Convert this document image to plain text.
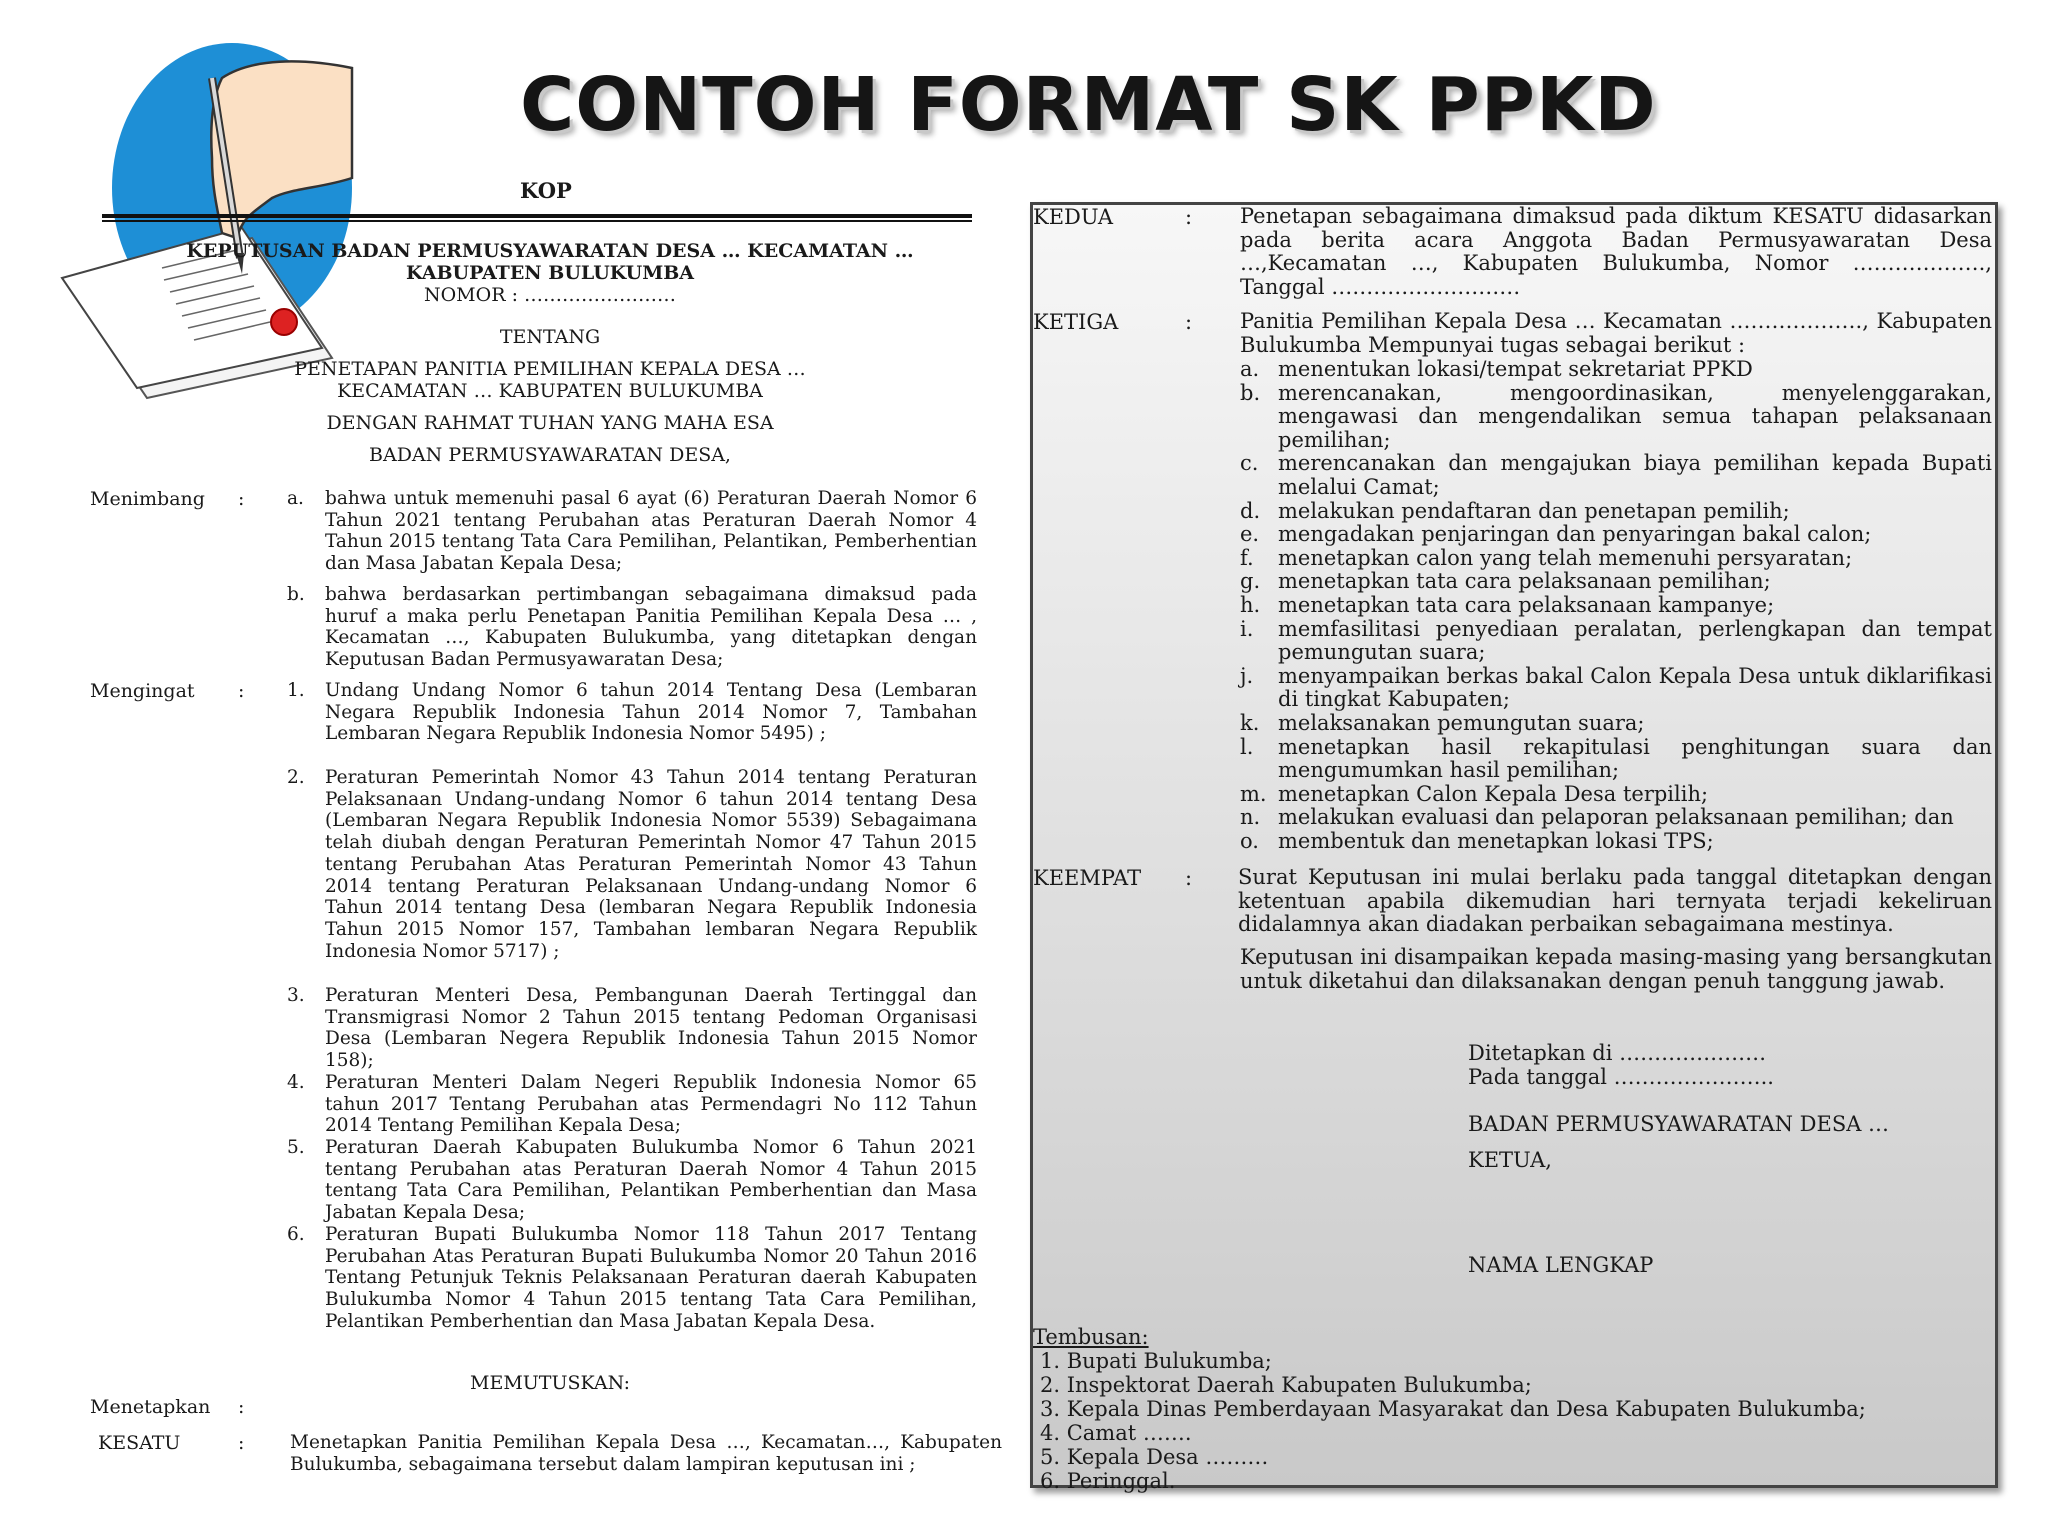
CONTOH FORMAT SK PPKD
KOP
KEPUTUSAN BADAN PERMUSYAWARATAN DESA … KECAMATAN …
KABUPATEN BULUKUMBA
NOMOR : ……………………
TENTANG
PENETAPAN PANITIA PEMILIHAN KEPALA DESA …
KECAMATAN … KABUPATEN BULUKUMBA
DENGAN RAHMAT TUHAN YANG MAHA ESA
BADAN PERMUSYAWARATAN DESA,
Menimbang : a. bahwa untuk memenuhi pasal 6 ayat (6) Peraturan Daerah Nomor 6 Tahun 2021 tentang Perubahan atas Peraturan Daerah Nomor 4 Tahun 2015 tentang Tata Cara Pemilihan, Pelantikan, Pemberhentian dan Masa Jabatan Kepala Desa;
b. bahwa berdasarkan pertimbangan sebagaimana dimaksud pada huruf a maka perlu Penetapan Panitia Pemilihan Kepala Desa … , Kecamatan …, Kabupaten Bulukumba, yang ditetapkan dengan Keputusan Badan Permusyawaratan Desa;
Mengingat : 1. Undang Undang Nomor 6 tahun 2014 Tentang Desa (Lembaran Negara Republik Indonesia Tahun 2014 Nomor 7, Tambahan Lembaran Negara Republik Indonesia Nomor 5495) ;
2. Peraturan Pemerintah Nomor 43 Tahun 2014 tentang Peraturan Pelaksanaan Undang-undang Nomor 6 tahun 2014 tentang Desa (Lembaran Negara Republik Indonesia Nomor 5539) Sebagaimana telah diubah dengan Peraturan Pemerintah Nomor 47 Tahun 2015 tentang Perubahan Atas Peraturan Pemerintah Nomor 43 Tahun 2014 tentang Peraturan Pelaksanaan Undang-undang Nomor 6 Tahun 2014 tentang Desa (lembaran Negara Republik Indonesia Tahun 2015 Nomor 157, Tambahan lembaran Negara Republik Indonesia Nomor 5717) ;
3. Peraturan Menteri Desa, Pembangunan Daerah Tertinggal dan Transmigrasi Nomor 2 Tahun 2015 tentang Pedoman Organisasi Desa (Lembaran Negera Republik Indonesia Tahun 2015 Nomor 158);
4. Peraturan Menteri Dalam Negeri Republik Indonesia Nomor 65 tahun 2017 Tentang Perubahan atas Permendagri No 112 Tahun 2014 Tentang Pemilihan Kepala Desa;
5. Peraturan Daerah Kabupaten Bulukumba Nomor 6 Tahun 2021 tentang Perubahan atas Peraturan Daerah Nomor 4 Tahun 2015 tentang Tata Cara Pemilihan, Pelantikan Pemberhentian dan Masa Jabatan Kepala Desa;
6. Peraturan Bupati Bulukumba Nomor 118 Tahun 2017 Tentang Perubahan Atas Peraturan Bupati Bulukumba Nomor 20 Tahun 2016 Tentang Petunjuk Teknis Pelaksanaan Peraturan daerah Kabupaten Bulukumba Nomor 4 Tahun 2015 tentang Tata Cara Pemilihan, Pelantikan Pemberhentian dan Masa Jabatan Kepala Desa.
MEMUTUSKAN:
Menetapkan :
KESATU	: Menetapkan Panitia Pemilihan Kepala Desa …, Kecamatan…, Kabupaten Bulukumba, sebagaimana tersebut dalam lampiran keputusan ini ;
KEDUA	: Penetapan sebagaimana dimaksud pada diktum KESATU didasarkan pada berita acara Anggota Badan Permusyawaratan Desa …,Kecamatan …, Kabupaten Bulukumba, Nomor ………………., Tanggal ………………………
KETIGA	: Panitia Pemilihan Kepala Desa … Kecamatan ………………., Kabupaten Bulukumba Mempunyai tugas sebagai berikut :
a. menentukan lokasi/tempat sekretariat PPKD
b. merencanakan, mengoordinasikan, menyelenggarakan, mengawasi dan mengendalikan semua tahapan pelaksanaan pemilihan;
c. merencanakan dan mengajukan biaya pemilihan kepada Bupati melalui Camat;
d. melakukan pendaftaran dan penetapan pemilih;
e. mengadakan penjaringan dan penyaringan bakal calon;
f. menetapkan calon yang telah memenuhi persyaratan;
g. menetapkan tata cara pelaksanaan pemilihan;
h. menetapkan tata cara pelaksanaan kampanye;
i. memfasilitasi penyediaan peralatan, perlengkapan dan tempat pemungutan suara;
j. menyampaikan berkas bakal Calon Kepala Desa untuk diklarifikasi di tingkat Kabupaten;
k. melaksanakan pemungutan suara;
l. menetapkan hasil rekapitulasi penghitungan suara dan mengumumkan hasil pemilihan;
m. menetapkan Calon Kepala Desa terpilih;
n. melakukan evaluasi dan pelaporan pelaksanaan pemilihan; dan
o. membentuk dan menetapkan lokasi TPS;
KEEMPAT : Surat Keputusan ini mulai berlaku pada tanggal ditetapkan dengan ketentuan apabila dikemudian hari ternyata terjadi kekeliruan didalamnya akan diadakan perbaikan sebagaimana mestinya.
Keputusan ini disampaikan kepada masing-masing yang bersangkutan untuk diketahui dan dilaksanakan dengan penuh tanggung jawab.
Ditetapkan di …………………
Pada tanggal …………………..
BADAN PERMUSYAWARATAN DESA …
KETUA,
NAMA LENGKAP
Tembusan:
1. Bupati Bulukumba;
2. Inspektorat Daerah Kabupaten Bulukumba;
3. Kepala Dinas Pemberdayaan Masyarakat dan Desa Kabupaten Bulukumba;
4. Camat …….
5. Kepala Desa ………
6. Peringgal.
